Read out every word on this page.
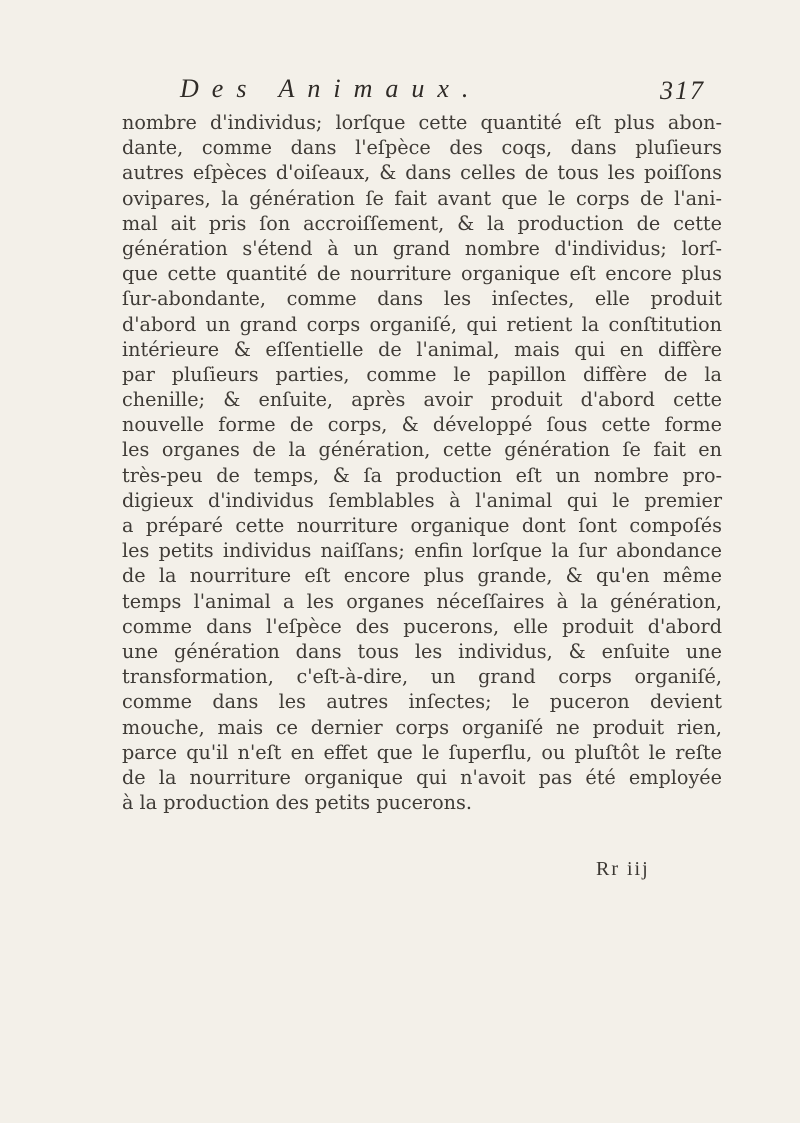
Des Animaux.	317
nombre d'individus; lorſque cette quantité eſt plus abon-
dante, comme dans l'eſpèce des coqs, dans pluſieurs
autres eſpèces d'oiſeaux, & dans celles de tous les poiſſons
ovipares, la génération ſe fait avant que le corps de l'ani-
mal ait pris ſon accroiſſement, & la production de cette
génération s'étend à un grand nombre d'individus; lorſ-
que cette quantité de nourriture organique eſt encore plus
ſur-abondante, comme dans les inſectes, elle produit
d'abord un grand corps organiſé, qui retient la conſtitution
intérieure & eſſentielle de l'animal, mais qui en diffère
par pluſieurs parties, comme le papillon diffère de la
chenille; & enſuite, après avoir produit d'abord cette
nouvelle forme de corps, & développé ſous cette forme
les organes de la génération, cette génération ſe fait en
très-peu de temps, & ſa production eſt un nombre pro-
digieux d'individus ſemblables à l'animal qui le premier
a préparé cette nourriture organique dont ſont compoſés
les petits individus naiſſans; enfin lorſque la ſur abondance
de la nourriture eſt encore plus grande, & qu'en même
temps l'animal a les organes néceſſaires à la génération,
comme dans l'eſpèce des pucerons, elle produit d'abord
une génération dans tous les individus, & enſuite une
transformation, c'eſt-à-dire, un grand corps organiſé,
comme dans les autres inſectes; le puceron devient
mouche, mais ce dernier corps organiſé ne produit rien,
parce qu'il n'eſt en effet que le ſuperflu, ou pluſtôt le reſte
de la nourriture organique qui n'avoit pas été employée
à la production des petits pucerons.
Rr iij
